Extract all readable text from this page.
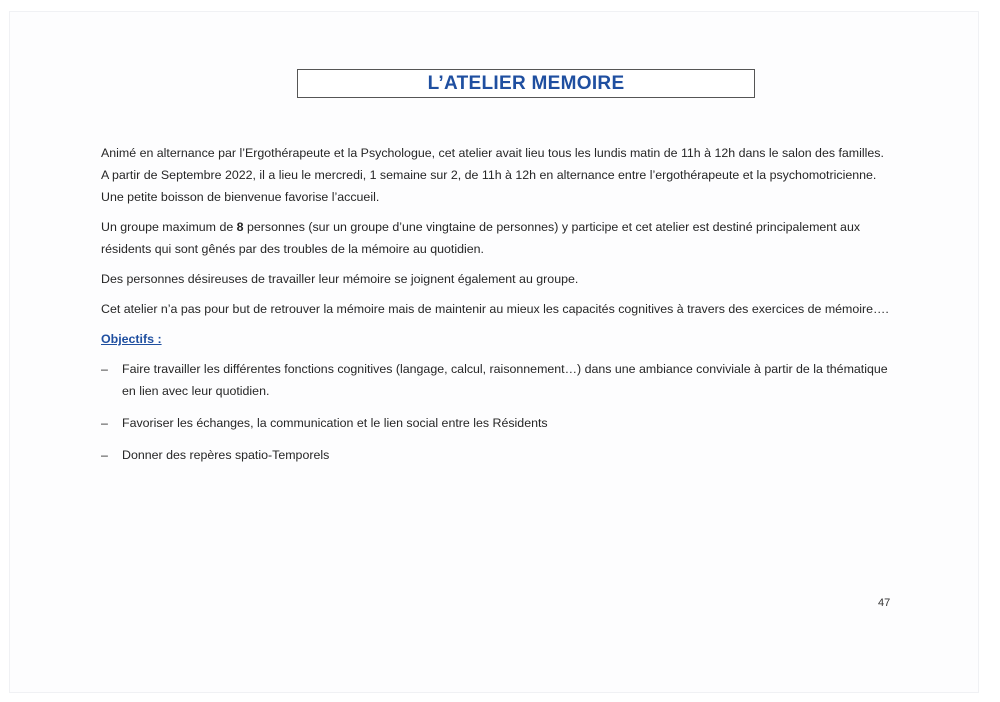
L’ATELIER MEMOIRE

Animé en alternance par l’Ergothérapeute et la Psychologue, cet atelier avait lieu tous les lundis matin de 11h à 12h dans le salon des familles. A partir de Septembre 2022, il a lieu le mercredi, 1 semaine sur 2, de 11h à 12h en alternance entre l’ergothérapeute et la psychomotricienne. Une petite boisson de bienvenue favorise l’accueil.

Un groupe maximum de 8 personnes (sur un groupe d’une vingtaine de personnes) y participe et cet atelier est destiné principalement aux résidents qui sont gênés par des troubles de la mémoire au quotidien.

Des personnes désireuses de travailler leur mémoire se joignent également au groupe.

Cet atelier n’a pas pour but de retrouver la mémoire mais de maintenir au mieux les capacités cognitives à travers des exercices de mémoire….

Objectifs :
– Faire travailler les différentes fonctions cognitives (langage, calcul, raisonnement…) dans une ambiance conviviale à partir de la thématique en lien avec leur quotidien.
– Favoriser les échanges, la communication et le lien social entre les Résidents
– Donner des repères spatio-Temporels
47
